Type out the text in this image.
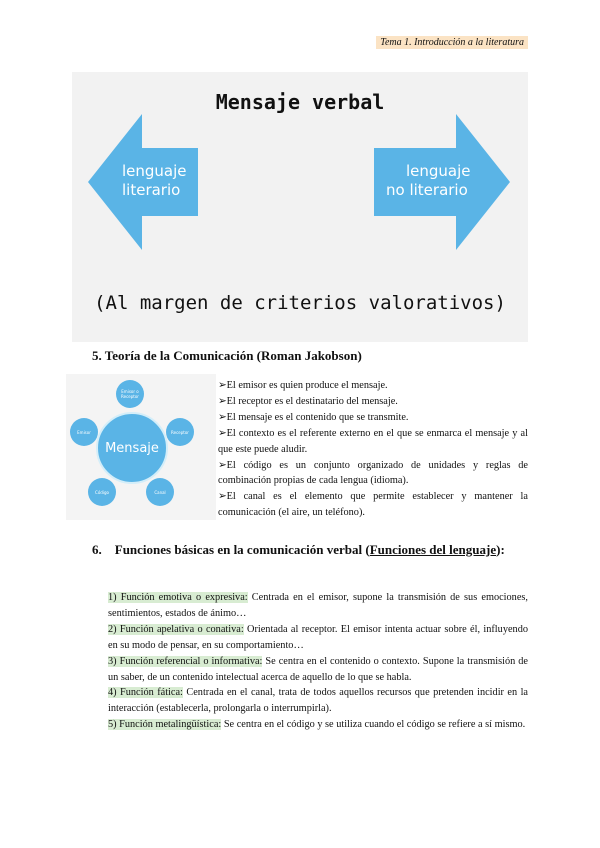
Tema 1. Introducción a la literatura
Mensaje verbal
lenguaje
literario
lenguaje
no literario
(Al margen de criterios valorativos)
5. Teoría de la Comunicación (Roman Jakobson)
Mensaje
Emisor o Receptor
Receptor
Canal
Código
Emisor

➢El emisor es quien produce el mensaje.

➢El receptor es el destinatario del mensaje.

➢El mensaje es el contenido que se transmite.

➢El contexto es el referente externo en el que se enmarca el mensaje y al que este puede aludir.

➢El código es un conjunto organizado de unidades y reglas de combinación propias de cada lengua (idioma).

➢El canal es el elemento que permite establecer y mantener la comunicación (el aire, un teléfono).

6. Funciones básicas en la comunicación verbal (Funciones del lenguaje):

1) Función emotiva o expresiva: Centrada en el emisor, supone la transmisión de sus emociones, sentimientos, estados de ánimo…

2) Función apelativa o conativa: Orientada al receptor. El emisor intenta actuar sobre él, influyendo en su modo de pensar, en su comportamiento…

3) Función referencial o informativa: Se centra en el contenido o contexto. Supone la transmisión de un saber, de un contenido intelectual acerca de aquello de lo que se habla.

4) Función fática: Centrada en el canal, trata de todos aquellos recursos que pretenden incidir en la interacción (establecerla, prolongarla o interrumpirla).

5) Función metalingüística: Se centra en el código y se utiliza cuando el código se refiere a sí mismo.
